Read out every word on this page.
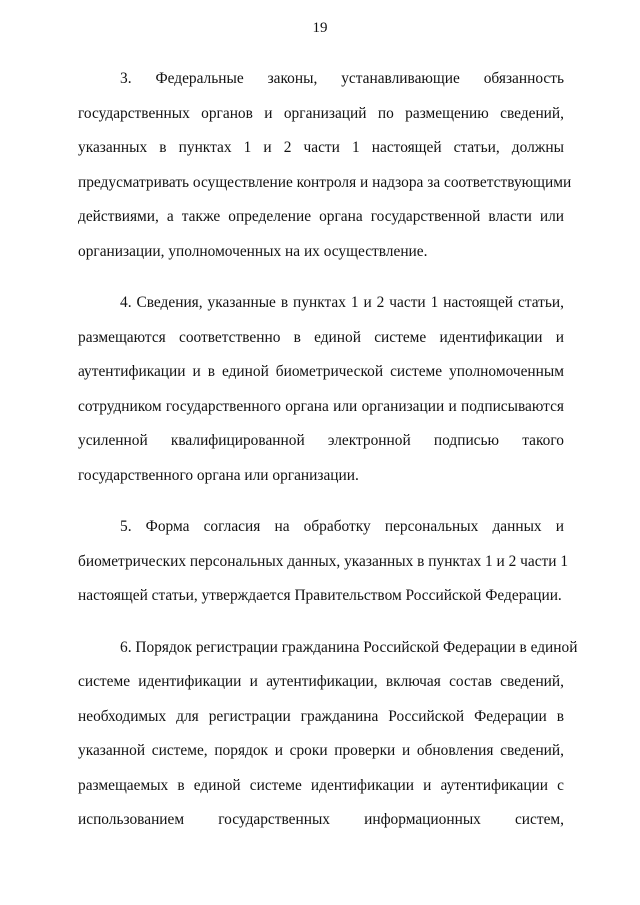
19

3. Федеральные законы, устанавливающие обязанность
государственных органов и организаций по размещению сведений,
указанных в пунктах 1 и 2 части 1 настоящей статьи, должны
предусматривать осуществление контроля и надзора за соответствующими
действиями, а также определение органа государственной власти или
организации, уполномоченных на их осуществление.

4. Сведения, указанные в пунктах 1 и 2 части 1 настоящей статьи,
размещаются соответственно в единой системе идентификации и
аутентификации и в единой биометрической системе уполномоченным
сотрудником государственного органа или организации и подписываются
усиленной квалифицированной электронной подписью такого
государственного органа или организации.

5. Форма согласия на обработку персональных данных и
биометрических персональных данных, указанных в пунктах 1 и 2 части 1
настоящей статьи, утверждается Правительством Российской Федерации.

6. Порядок регистрации гражданина Российской Федерации в единой
системе идентификации и аутентификации, включая состав сведений,
необходимых для регистрации гражданина Российской Федерации в
указанной системе, порядок и сроки проверки и обновления сведений,
размещаемых в единой системе идентификации и аутентификации с
использованием государственных информационных систем,
